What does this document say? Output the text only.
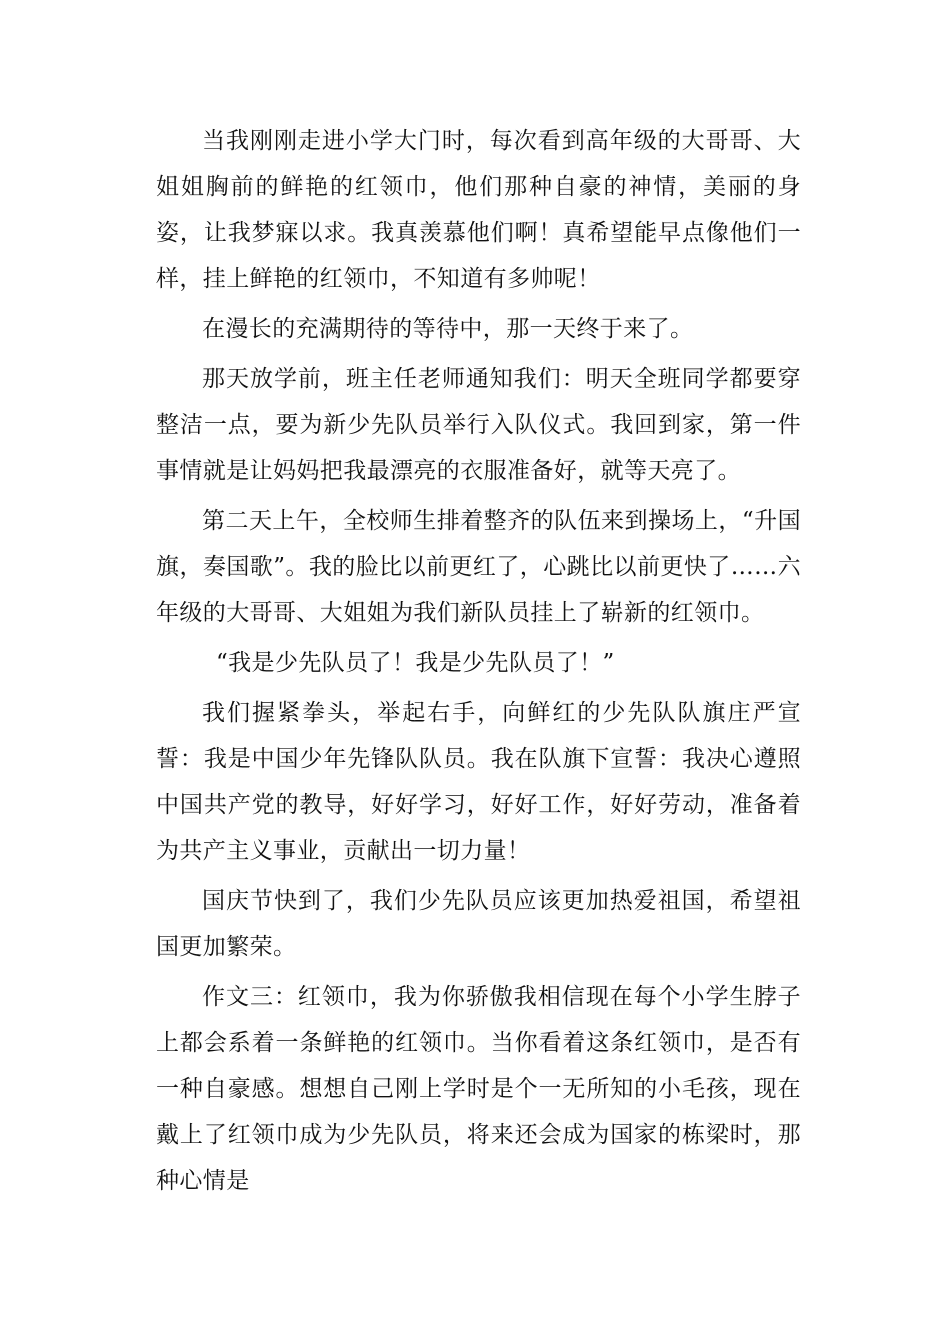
当我刚刚走进小学大门时，每次看到高年级的大哥哥、大姐姐胸前的鲜艳的红领巾，他们那种自豪的神情，美丽的身姿，让我梦寐以求。我真羡慕他们啊！真希望能早点像他们一样，挂上鲜艳的红领巾，不知道有多帅呢！

在漫长的充满期待的等待中，那一天终于来了。

那天放学前，班主任老师通知我们：明天全班同学都要穿整洁一点，要为新少先队员举行入队仪式。我回到家，第一件事情就是让妈妈把我最漂亮的衣服准备好，就等天亮了。

第二天上午，全校师生排着整齐的队伍来到操场上，“升国旗，奏国歌”。我的脸比以前更红了，心跳比以前更快了……六年级的大哥哥、大姐姐为我们新队员挂上了崭新的红领巾。

“我是少先队员了！我是少先队员了！”

我们握紧拳头，举起右手，向鲜红的少先队队旗庄严宣誓：我是中国少年先锋队队员。我在队旗下宣誓：我决心遵照中国共产党的教导，好好学习，好好工作，好好劳动，准备着为共产主义事业，贡献出一切力量！

国庆节快到了，我们少先队员应该更加热爱祖国，希望祖国更加繁荣。

作文三：红领巾，我为你骄傲我相信现在每个小学生脖子上都会系着一条鲜艳的红领巾。当你看着这条红领巾，是否有一种自豪感。想想自己刚上学时是个一无所知的小毛孩，现在戴上了红领巾成为少先队员，将来还会成为国家的栋梁时，那种心情是
